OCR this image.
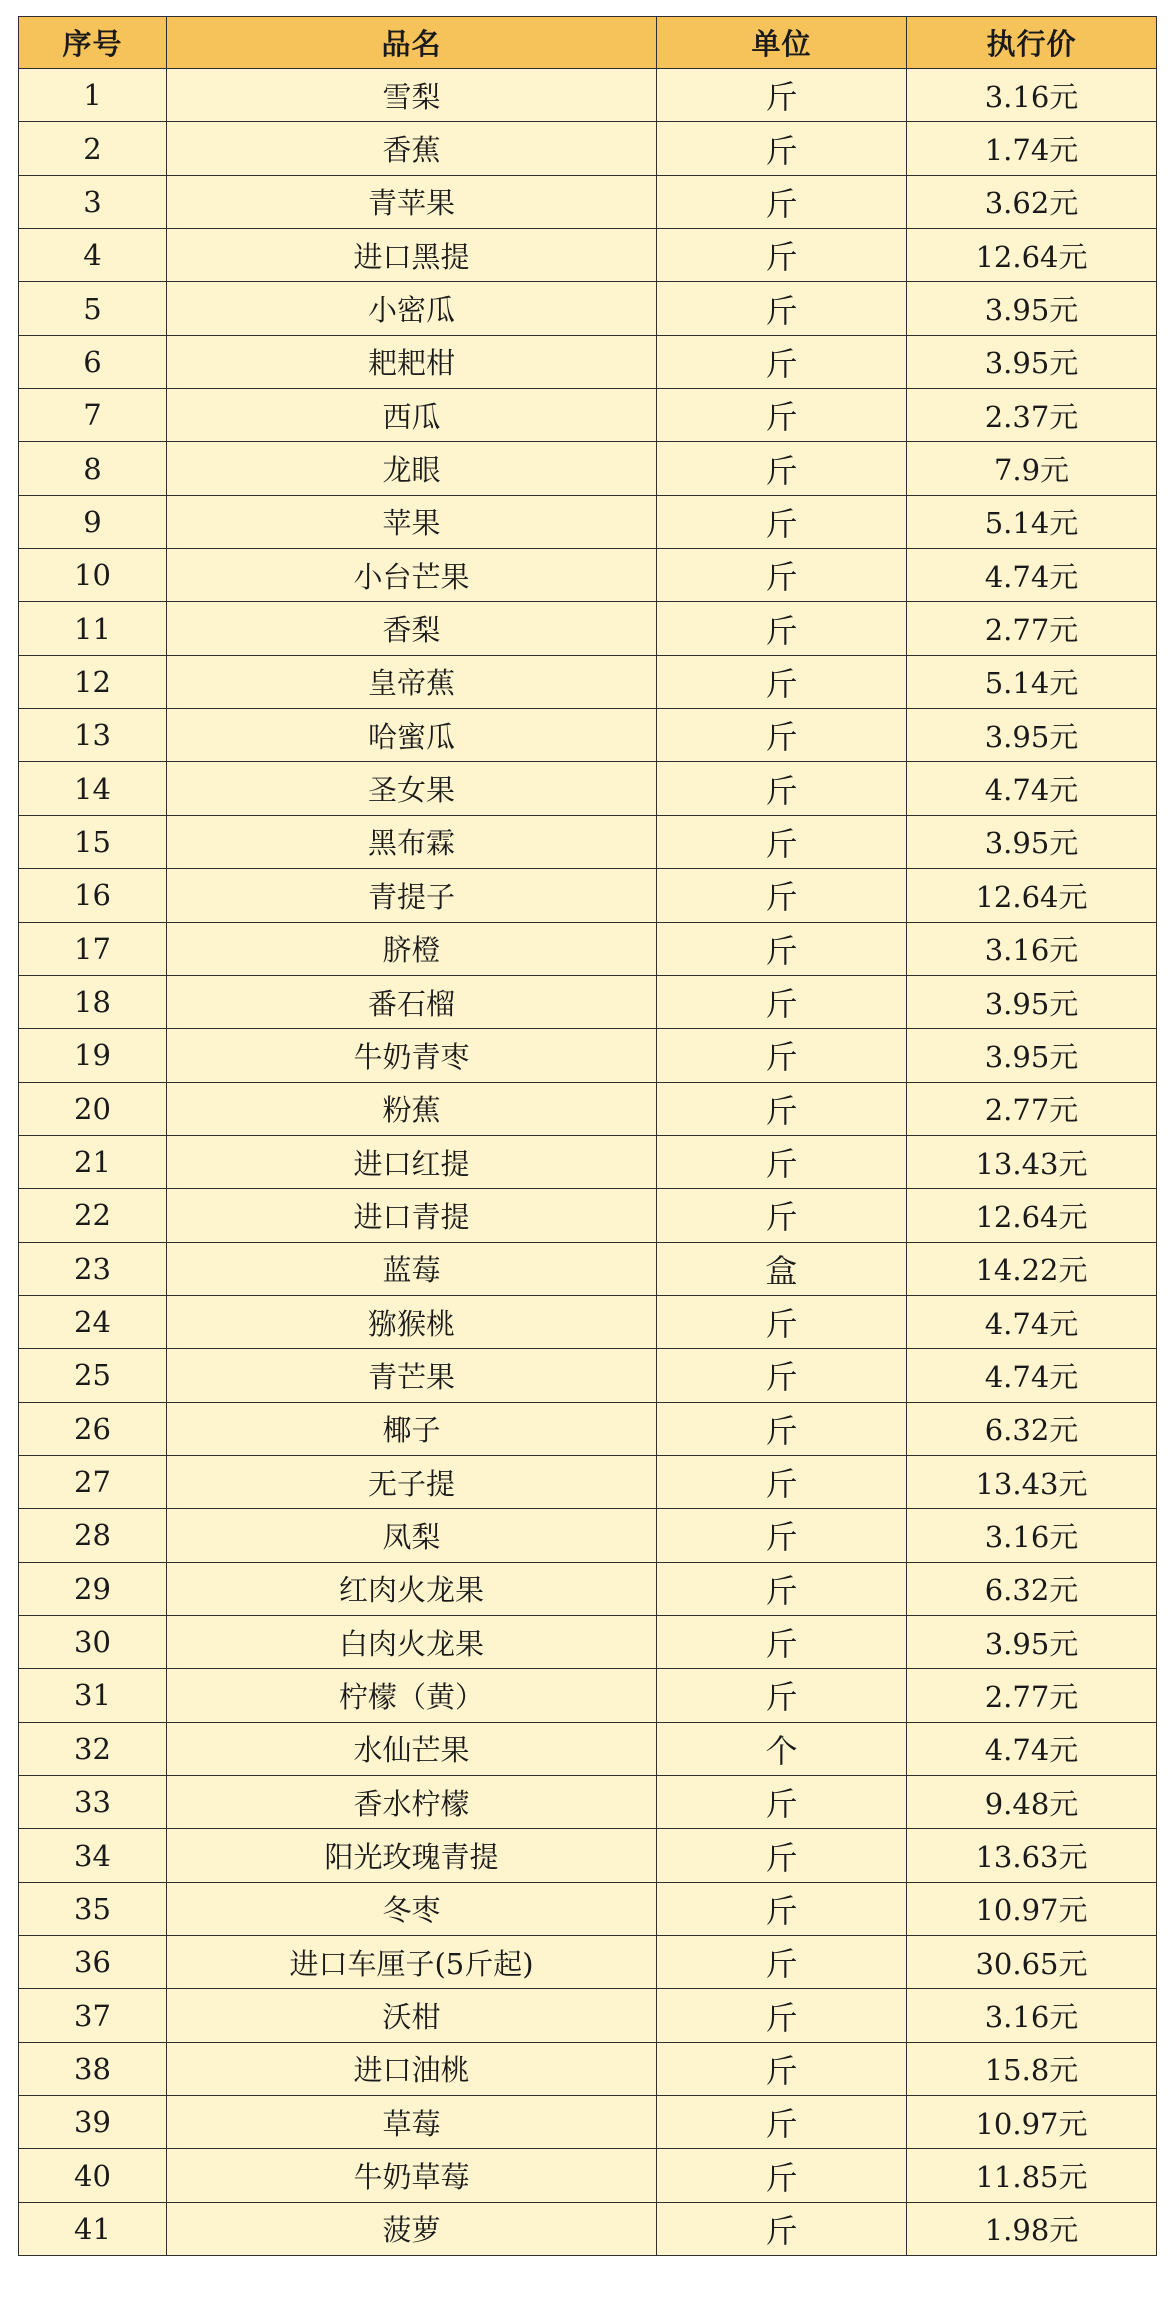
序号	品名	单位	执行价
1	雪梨	斤	3.16元
2	香蕉	斤	1.74元
3	青苹果	斤	3.62元
4	进口黑提	斤	12.64元
5	小密瓜	斤	3.95元
6	耙耙柑	斤	3.95元
7	西瓜	斤	2.37元
8	龙眼	斤	7.9元
9	苹果	斤	5.14元
10	小台芒果	斤	4.74元
11	香梨	斤	2.77元
12	皇帝蕉	斤	5.14元
13	哈蜜瓜	斤	3.95元
14	圣女果	斤	4.74元
15	黑布霖	斤	3.95元
16	青提子	斤	12.64元
17	脐橙	斤	3.16元
18	番石榴	斤	3.95元
19	牛奶青枣	斤	3.95元
20	粉蕉	斤	2.77元
21	进口红提	斤	13.43元
22	进口青提	斤	12.64元
23	蓝莓	盒	14.22元
24	猕猴桃	斤	4.74元
25	青芒果	斤	4.74元
26	椰子	斤	6.32元
27	无子提	斤	13.43元
28	凤梨	斤	3.16元
29	红肉火龙果	斤	6.32元
30	白肉火龙果	斤	3.95元
31	柠檬（黄）	斤	2.77元
32	水仙芒果	个	4.74元
33	香水柠檬	斤	9.48元
34	阳光玫瑰青提	斤	13.63元
35	冬枣	斤	10.97元
36	进口车厘子(5斤起)	斤	30.65元
37	沃柑	斤	3.16元
38	进口油桃	斤	15.8元
39	草莓	斤	10.97元
40	牛奶草莓	斤	11.85元
41	菠萝	斤	1.98元
